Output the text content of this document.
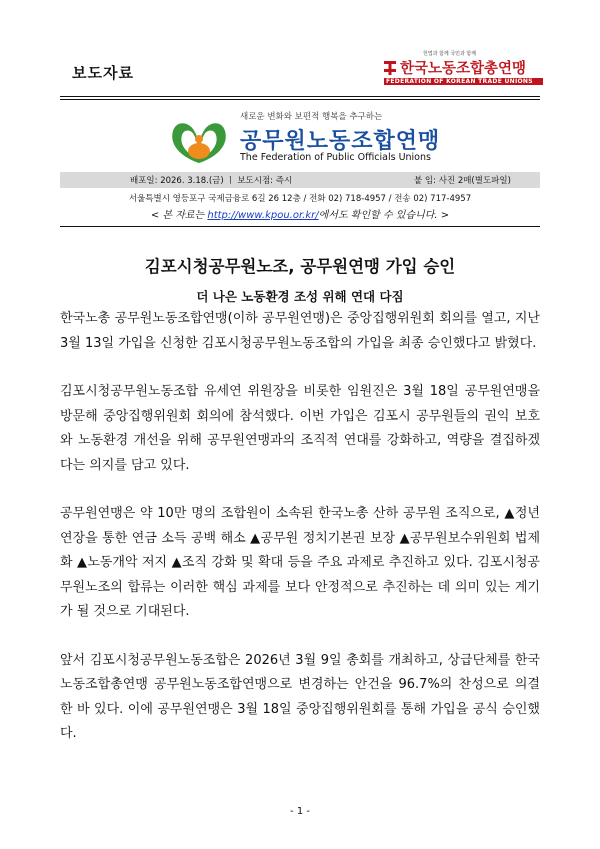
보도자료
헌법과 함께 국민과 함께
한국노동조합총연맹
FEDERATION OF KOREAN TRADE UNIONS
새로운 변화와 보편적 행복을 추구하는
공무원노동조합연맹
The Federation of Public Officials Unions
배포일: 2026. 3.18.(금) ㅣ 보도시점: 즉시	붙 임: 사진 2매(별도파일)
서울특별시 영등포구 국제금융로 6길 26 12층 / 전화 02) 718-4957 / 전송 02) 717-4957
< 본 자료는 http://www.kpou.or.kr/에서도 확인할 수 있습니다. >
김포시청공무원노조, 공무원연맹 가입 승인
더 나은 노동환경 조성 위해 연대 다짐

한국노총 공무원노동조합연맹(이하 공무원연맹)은 중앙집행위원회 회의를 열고, 지난 3월 13일 가입을 신청한 김포시청공무원노동조합의 가입을 최종 승인했다고 밝혔다.

김포시청공무원노동조합 유세연 위원장을 비롯한 임원진은 3월 18일 공무원연맹을 방문해 중앙집행위원회 회의에 참석했다. 이번 가입은 김포시 공무원들의 권익 보호와 노동환경 개선을 위해 공무원연맹과의 조직적 연대를 강화하고, 역량을 결집하겠다는 의지를 담고 있다.

공무원연맹은 약 10만 명의 조합원이 소속된 한국노총 산하 공무원 조직으로, ▲정년연장을 통한 연금 소득 공백 해소 ▲공무원 정치기본권 보장 ▲공무원보수위원회 법제화 ▲노동개악 저지 ▲조직 강화 및 확대 등을 주요 과제로 추진하고 있다. 김포시청공무원노조의 합류는 이러한 핵심 과제를 보다 안정적으로 추진하는 데 의미 있는 계기가 될 것으로 기대된다.

앞서 김포시청공무원노동조합은 2026년 3월 9일 총회를 개최하고, 상급단체를 한국노동조합총연맹 공무원노동조합연맹으로 변경하는 안건을 96.7%의 찬성으로 의결한 바 있다. 이에 공무원연맹은 3월 18일 중앙집행위원회를 통해 가입을 공식 승인했다.

- 1 -
